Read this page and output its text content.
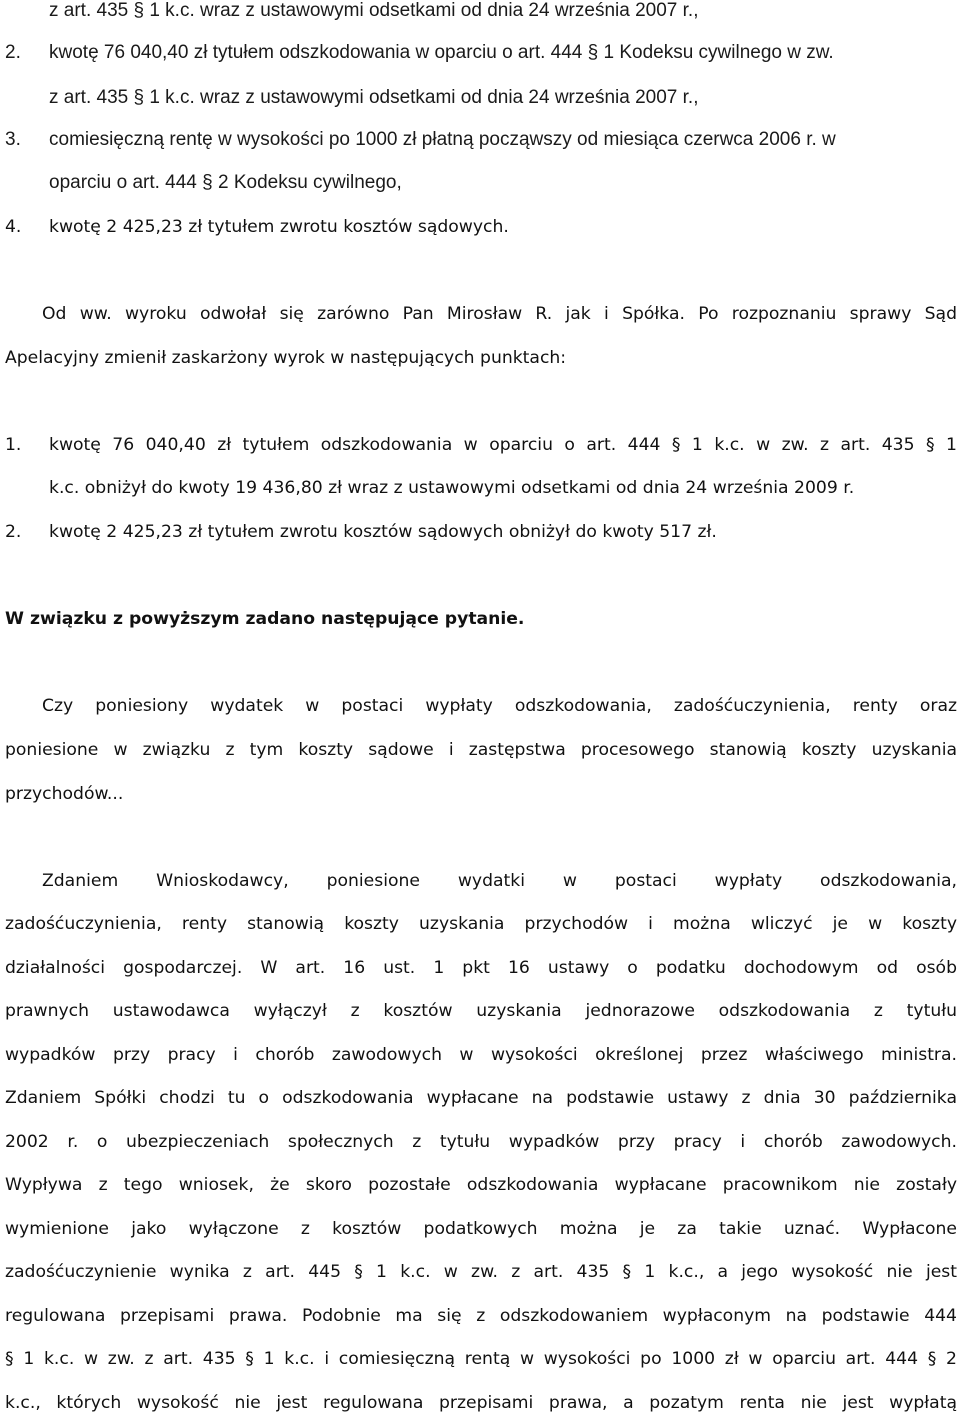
z art. 435 § 1 k.c. wraz z ustawowymi odsetkami od dnia 24 września 2007 r.,
2. kwotę 76 040,40 zł tytułem odszkodowania w oparciu o art. 444 § 1 Kodeksu cywilnego w zw.
z art. 435 § 1 k.c. wraz z ustawowymi odsetkami od dnia 24 września 2007 r.,
3. comiesięczną rentę w wysokości po 1000 zł płatną począwszy od miesiąca czerwca 2006 r. w
oparciu o art. 444 § 2 Kodeksu cywilnego,
4. kwotę 2 425,23 zł tytułem zwrotu kosztów sądowych.
Od ww. wyroku odwołał się zarówno Pan Mirosław R. jak i Spółka. Po rozpoznaniu sprawy Sąd
Apelacyjny zmienił zaskarżony wyrok w następujących punktach:
1. kwotę 76 040,40 zł tytułem odszkodowania w oparciu o art. 444 § 1 k.c. w zw. z art. 435 § 1
k.c. obniżył do kwoty 19 436,80 zł wraz z ustawowymi odsetkami od dnia 24 września 2009 r.
2. kwotę 2 425,23 zł tytułem zwrotu kosztów sądowych obniżył do kwoty 517 zł.
W związku z powyższym zadano następujące pytanie.
Czy poniesiony wydatek w postaci wypłaty odszkodowania, zadośćuczynienia, renty oraz
poniesione w związku z tym koszty sądowe i zastępstwa procesowego stanowią koszty uzyskania
przychodów...
Zdaniem Wnioskodawcy, poniesione wydatki w postaci wypłaty odszkodowania,
zadośćuczynienia, renty stanowią koszty uzyskania przychodów i można wliczyć je w koszty
działalności gospodarczej. W art. 16 ust. 1 pkt 16 ustawy o podatku dochodowym od osób
prawnych ustawodawca wyłączył z kosztów uzyskania jednorazowe odszkodowania z tytułu
wypadków przy pracy i chorób zawodowych w wysokości określonej przez właściwego ministra.
Zdaniem Spółki chodzi tu o odszkodowania wypłacane na podstawie ustawy z dnia 30 października
2002 r. o ubezpieczeniach społecznych z tytułu wypadków przy pracy i chorób zawodowych.
Wypływa z tego wniosek, że skoro pozostałe odszkodowania wypłacane pracownikom nie zostały
wymienione jako wyłączone z kosztów podatkowych można je za takie uznać. Wypłacone
zadośćuczynienie wynika z art. 445 § 1 k.c. w zw. z art. 435 § 1 k.c., a jego wysokość nie jest
regulowana przepisami prawa. Podobnie ma się z odszkodowaniem wypłaconym na podstawie 444
§ 1 k.c. w zw. z art. 435 § 1 k.c. i comiesięczną rentą w wysokości po 1000 zł w oparciu art. 444 § 2
k.c., których wysokość nie jest regulowana przepisami prawa, a pozatym renta nie jest wypłatą
